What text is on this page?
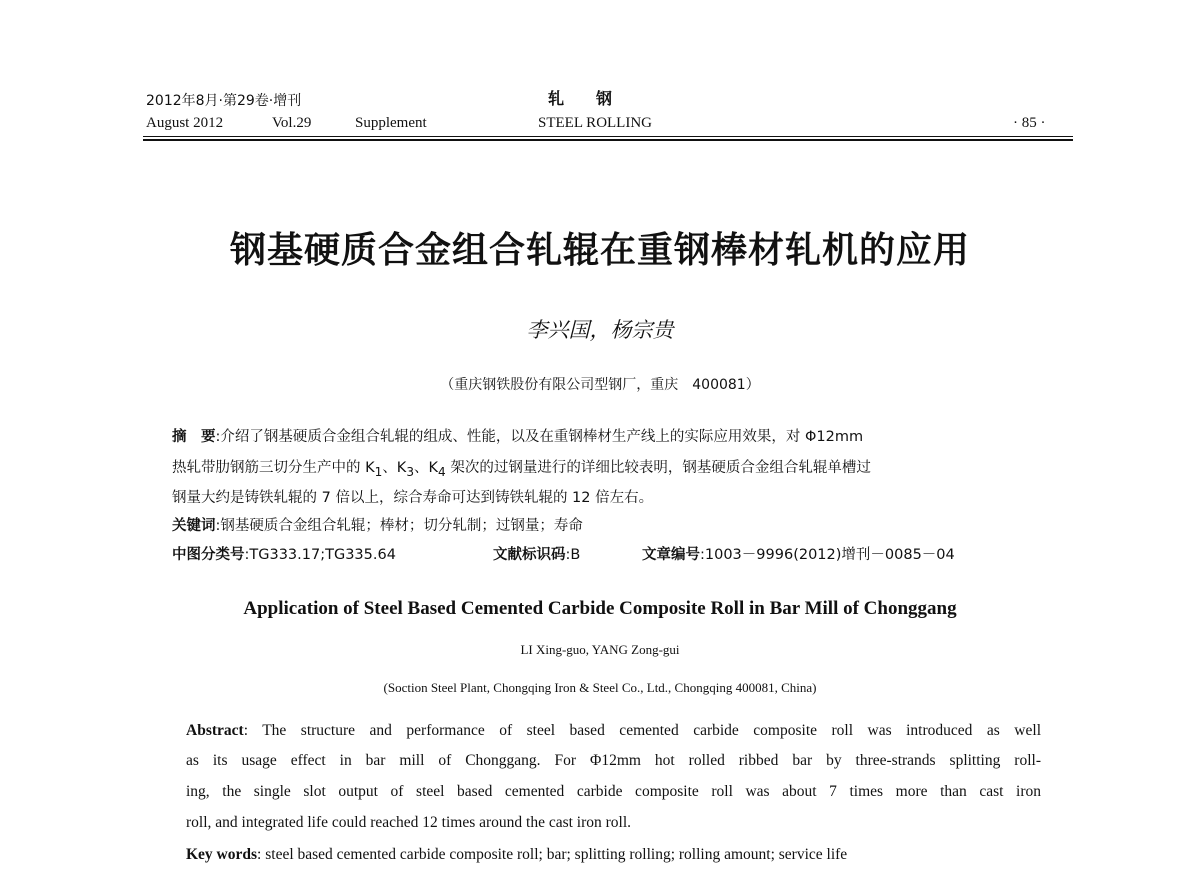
2012年8月·第29卷·增刊
August 2012	Vol.29	Supplement
轧　　钢
STEEL ROLLING	· 85 ·
钢基硬质合金组合轧辊在重钢棒材轧机的应用
李兴国，杨宗贵
（重庆钢铁股份有限公司型钢厂，重庆　400081）
摘　要:介绍了钢基硬质合金组合轧辊的组成、性能，以及在重钢棒材生产线上的实际应用效果，对 Φ12mm
热轧带肋钢筋三切分生产中的 $K_1$、$K_3$、$K_4$ 架次的过钢量进行的详细比较表明，钢基硬质合金组合轧辊单槽过
钢量大约是铸铁轧辊的 7 倍以上，综合寿命可达到铸铁轧辊的 12 倍左右。
关键词:钢基硬质合金组合轧辊；棒材；切分轧制；过钢量；寿命
中图分类号:TG333.17;TG335.64	文献标识码:B	文章编号:1003－9996(2012)增刊－0085－04
Application of Steel Based Cemented Carbide Composite Roll in Bar Mill of Chonggang
LI Xing-guo, YANG Zong-gui
(Soction Steel Plant, Chongqing Iron & Steel Co., Ltd., Chongqing 400081, China)
Abstract: The structure and performance of steel based cemented carbide composite roll was introduced as well
as its usage effect in bar mill of Chonggang. For Φ12mm hot rolled ribbed bar by three-strands splitting roll-
ing, the single slot output of steel based cemented carbide composite roll was about 7 times more than cast iron
roll, and integrated life could reached 12 times around the cast iron roll.
Key words: steel based cemented carbide composite roll; bar; splitting rolling; rolling amount; service life
